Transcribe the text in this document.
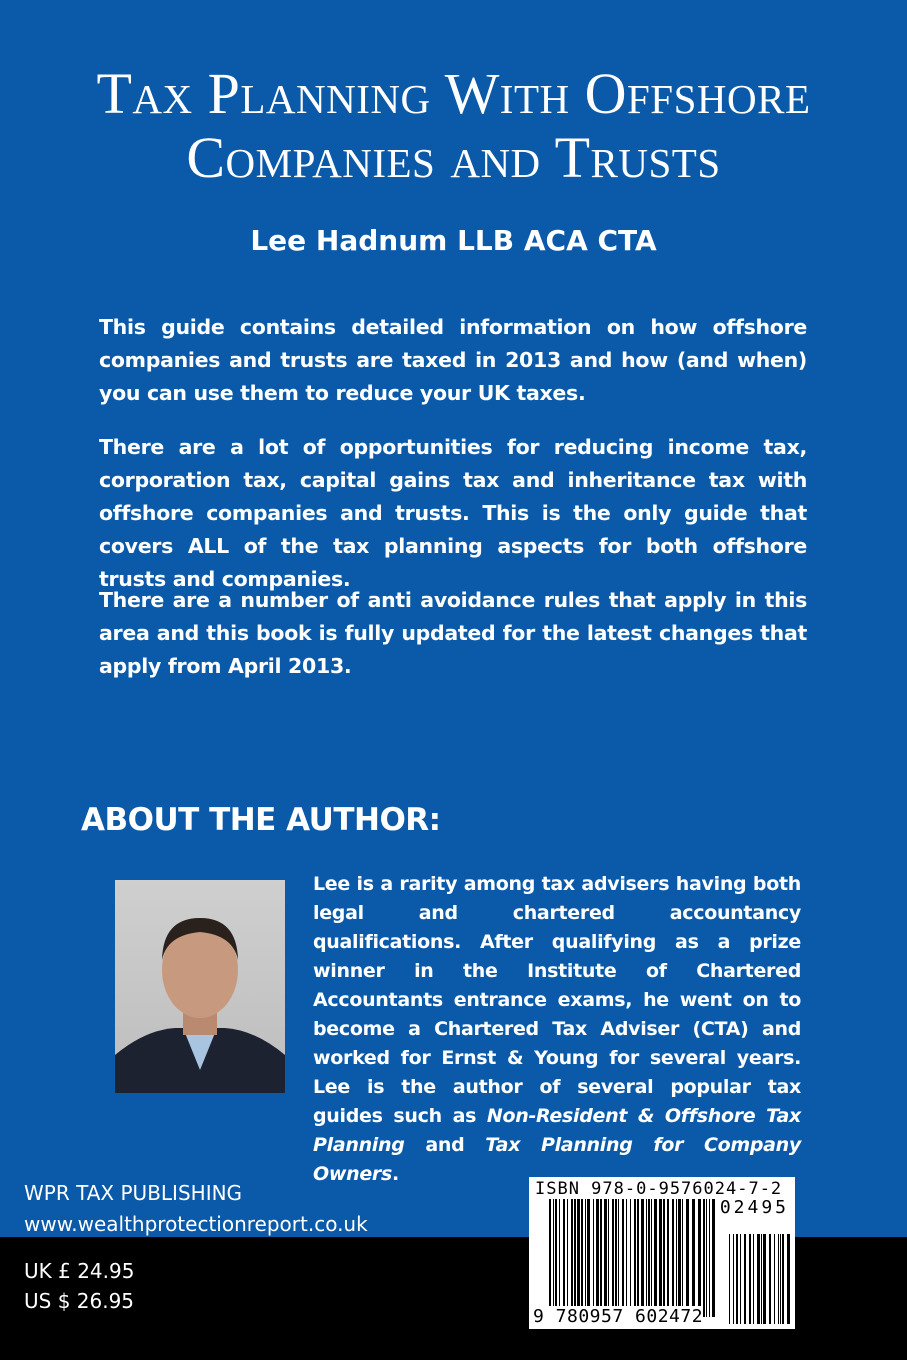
Tax Planning With Offshore
Companies and Trusts
Lee Hadnum LLB ACA CTA
This guide contains detailed information on how offshore companies and trusts are taxed in 2013 and how (and when) you can use them to reduce your UK taxes.
There are a lot of opportunities for reducing income tax, corporation tax, capital gains tax and inheritance tax with offshore companies and trusts. This is the only guide that covers ALL of the tax planning aspects for both offshore trusts and companies.
There are a number of anti avoidance rules that apply in this area and this book is fully updated for the latest changes that apply from April 2013.
ABOUT THE AUTHOR:
Lee is a rarity among tax advisers having both legal and chartered accountancy qualifications. After qualifying as a prize winner in the Institute of Chartered Accountants entrance exams, he went on to become a Chartered Tax Adviser (CTA) and worked for Ernst & Young for several years. Lee is the author of several popular tax guides such as Non-Resident & Offshore Tax Planning and Tax Planning for Company Owners.
WPR TAX PUBLISHING
www.wealthprotectionreport.co.uk
UK £ 24.95
US $ 26.95
ISBN 978-0-9576024-7-2
02495
9 780957 602472
